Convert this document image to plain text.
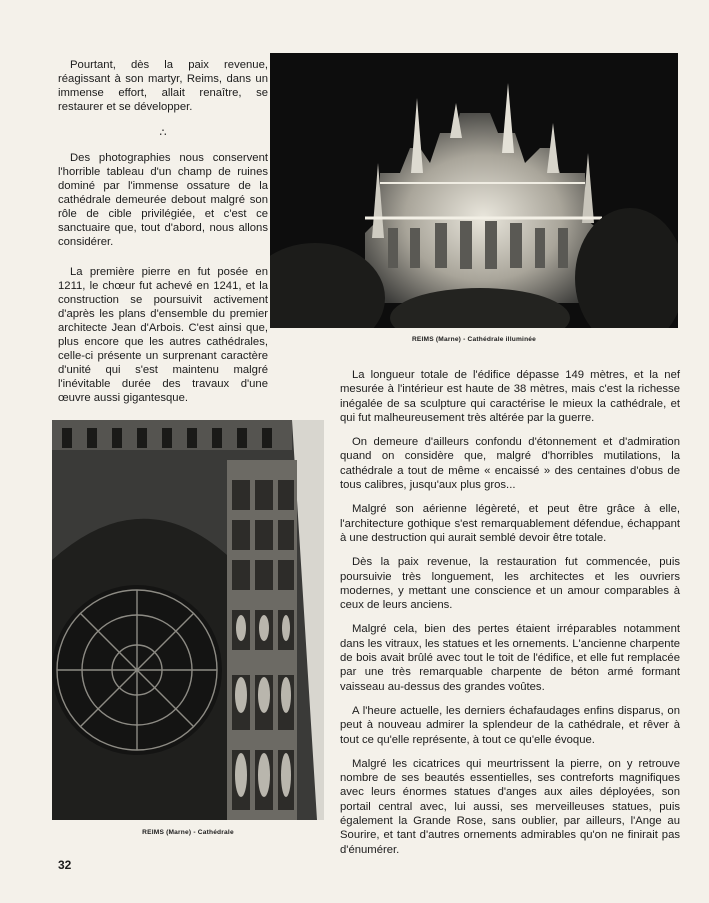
Pourtant, dès la paix revenue, réagissant à son martyr, Reims, dans un immense effort, allait renaître, se restaurer et se développer.

∴

Des photographies nous conservent l'horrible tableau d'un champ de ruines dominé par l'immense ossature de la cathédrale demeurée debout malgré son rôle de cible privilégiée, et c'est ce sanctuaire que, tout d'abord, nous allons considérer.

La première pierre en fut posée en 1211, le chœur fut achevé en 1241, et la construction se poursuivit activement d'après les plans d'ensemble du premier architecte Jean d'Arbois. C'est ainsi que, plus encore que les autres cathédrales, celle-ci présente un surprenant caractère d'unité qui s'est maintenu malgré l'inévitable durée des travaux d'une œuvre aussi gigantesque.

REIMS (Marne) - Cathédrale illuminée
REIMS (Marne) - Cathédrale

La longueur totale de l'édifice dépasse 149 mètres, et la nef mesurée à l'intérieur est haute de 38 mètres, mais c'est la richesse inégalée de sa sculpture qui caractérise le mieux la cathédrale, et qui fut malheureusement très altérée par la guerre.

On demeure d'ailleurs confondu d'étonnement et d'admiration quand on considère que, malgré d'horribles mutilations, la cathédrale a tout de même « encaissé » des centaines d'obus de tous calibres, jusqu'aux plus gros...

Malgré son aérienne légèreté, et peut être grâce à elle, l'architecture gothique s'est remarquablement défendue, échappant à une destruction qui aurait semblé devoir être totale.

Dès la paix revenue, la restauration fut commencée, puis poursuivie très longuement, les architectes et les ouvriers modernes, y mettant une conscience et un amour comparables à ceux de leurs anciens.

Malgré cela, bien des pertes étaient irréparables notamment dans les vitraux, les statues et les ornements. L'ancienne charpente de bois avait brûlé avec tout le toit de l'édifice, et elle fut remplacée par une très remarquable charpente de béton armé formant vaisseau au-dessus des grandes voûtes.

A l'heure actuelle, les derniers échafaudages enfins disparus, on peut à nouveau admirer la splendeur de la cathédrale, et rêver à tout ce qu'elle représente, à tout ce qu'elle évoque.

Malgré les cicatrices qui meurtrissent la pierre, on y retrouve nombre de ses beautés essentielles, ses contreforts magnifiques avec leurs énormes statues d'anges aux ailes déployées, son portail central avec, lui aussi, ses merveilleuses statues, puis également la Grande Rose, sans oublier, par ailleurs, l'Ange au Sourire, et tant d'autres ornements admirables qu'on ne finirait pas d'énumérer.

32
